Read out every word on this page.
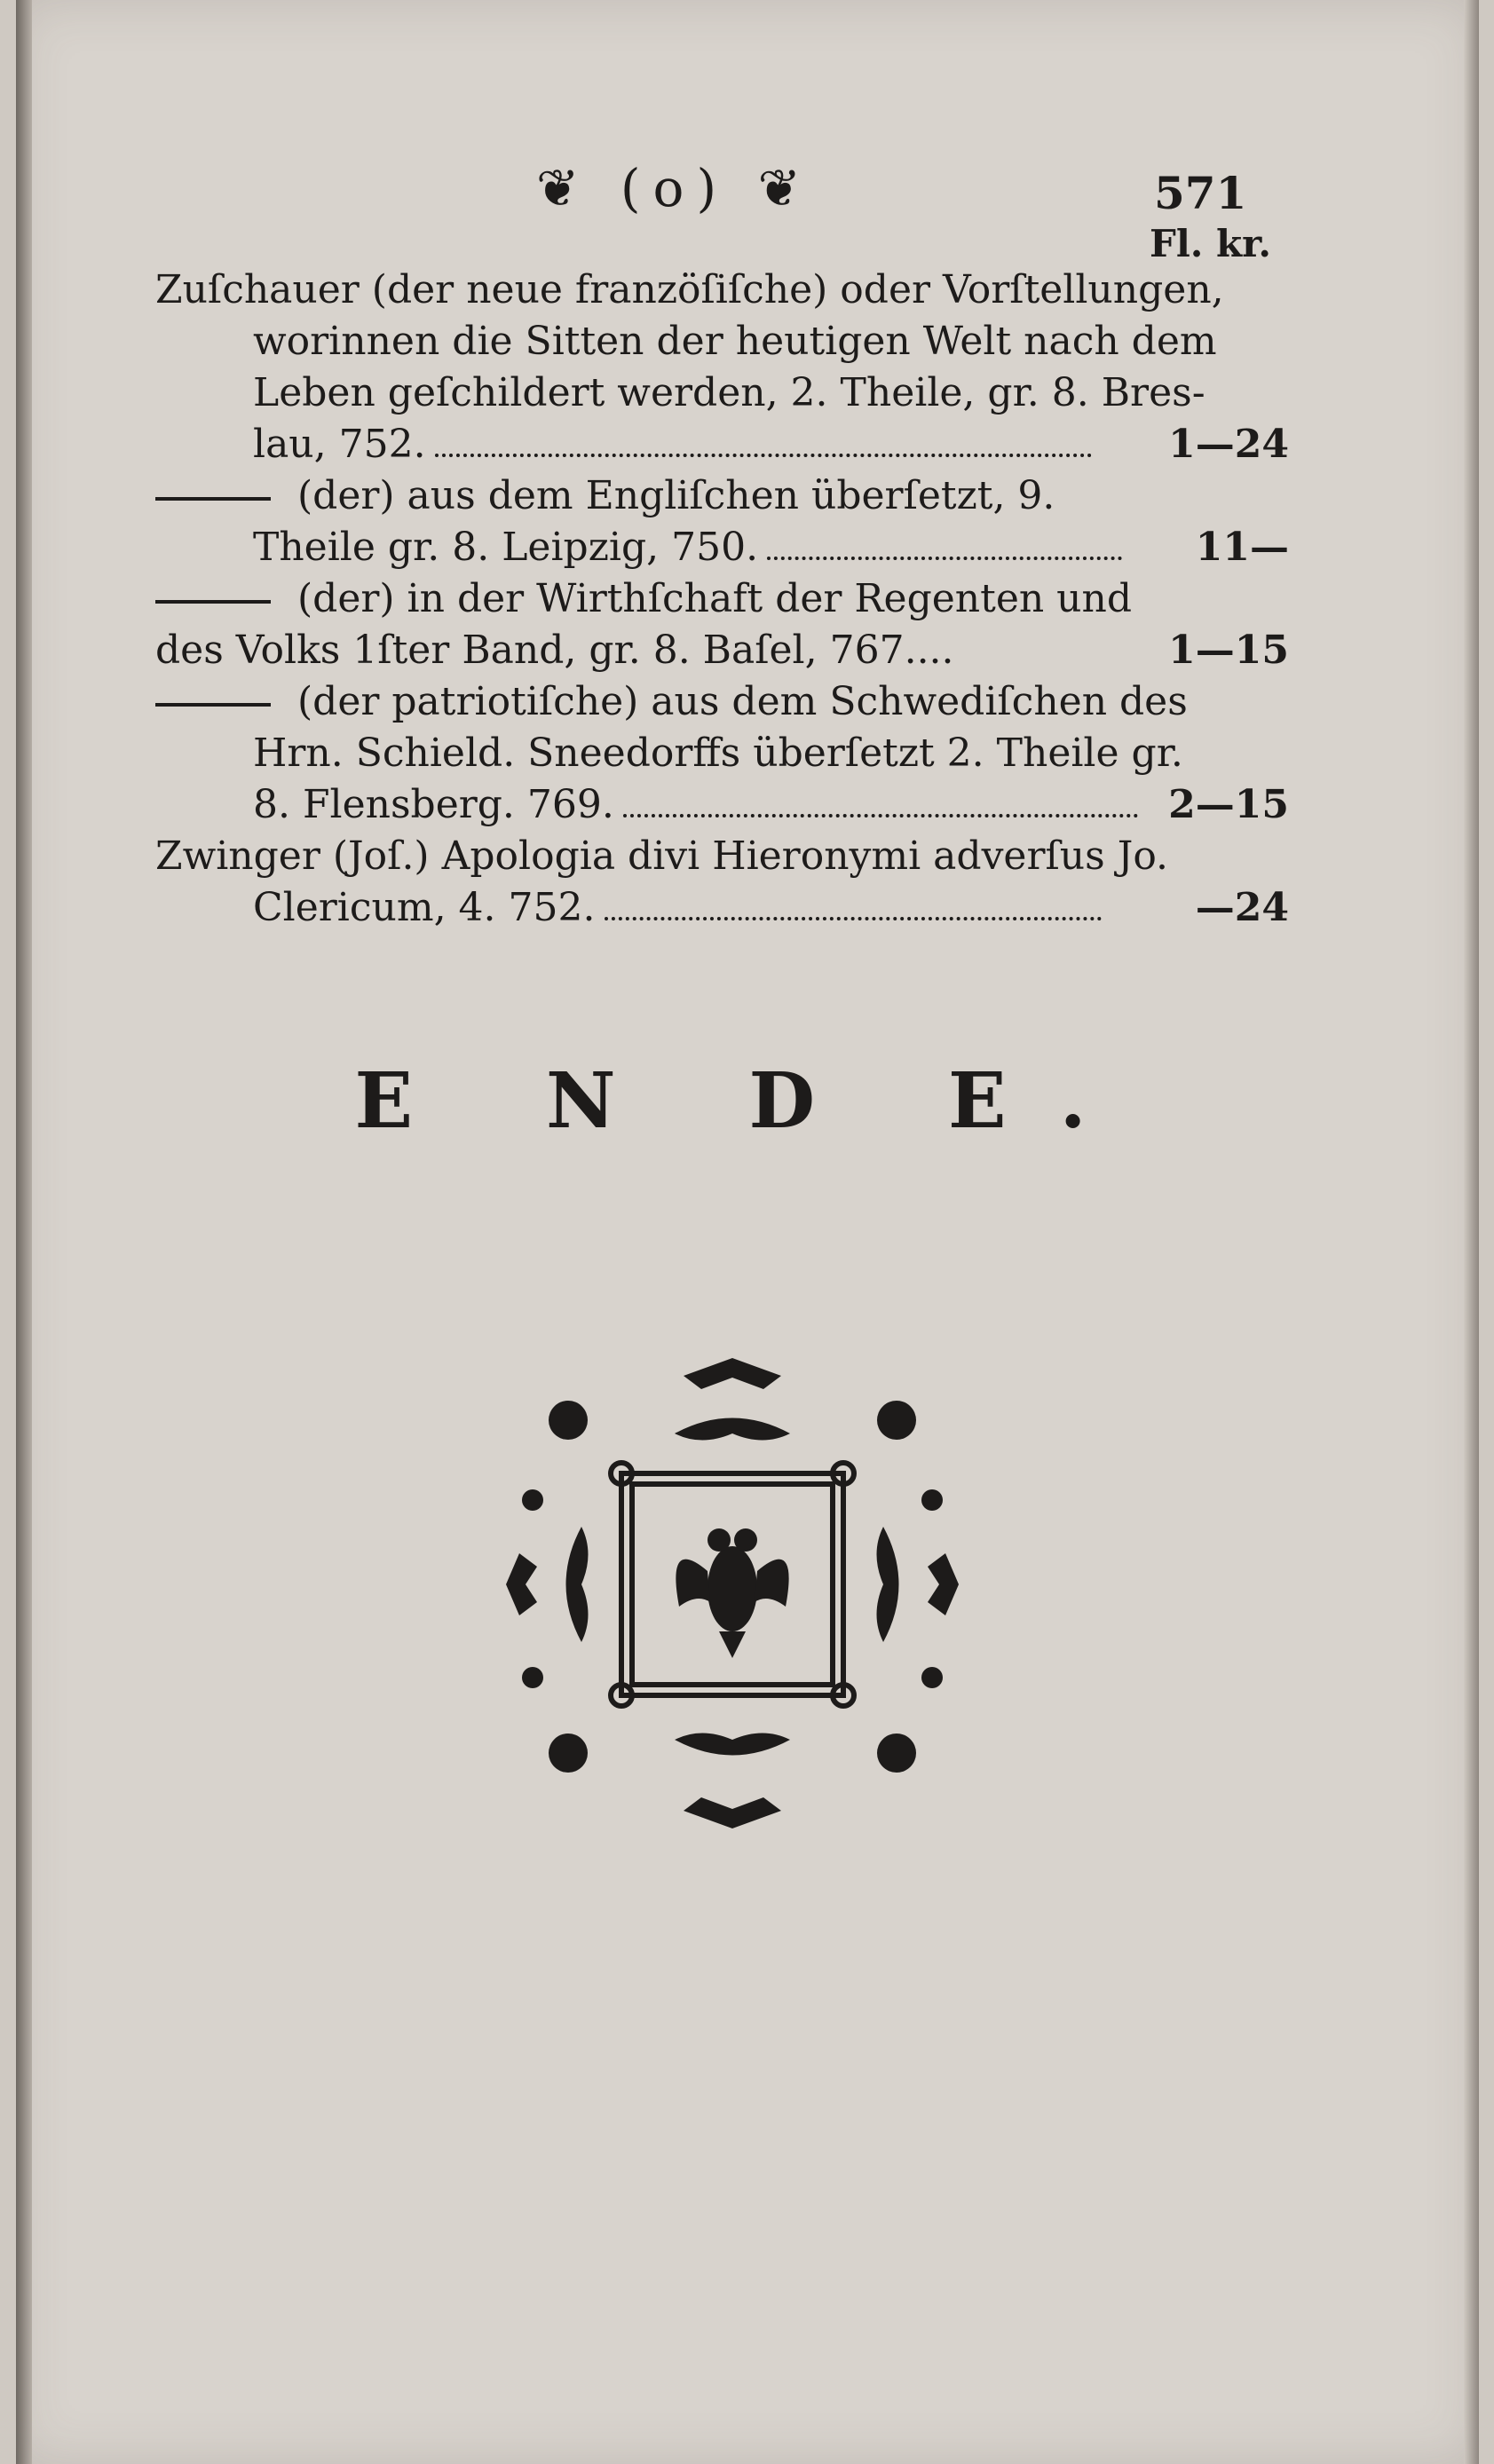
❦ (o) ❦	571
Fl. kr.
Zuſchauer (der neue franzöſiſche) oder Vorſtellungen,
worinnen die Sitten der heutigen Welt nach dem
Leben geſchildert werden, 2. Theile, gr. 8. Bres-
lau, 752.	1—24
(der) aus dem Engliſchen überſetzt, 9.
Theile gr. 8. Leipzig, 750.	11—
(der) in der Wirthſchaft der Regenten und
des Volks 1ſter Band, gr. 8. Baſel, 767....	1—15
(der patriotiſche) aus dem Schwediſchen des
Hrn. Schield. Sneedorffs überſetzt 2. Theile gr.
8. Flensberg. 769.	2—15
Zwinger (Joſ.) Apologia divi Hieronymi adverſus Jo.
Clericum, 4. 752.	—24
E N D E.
